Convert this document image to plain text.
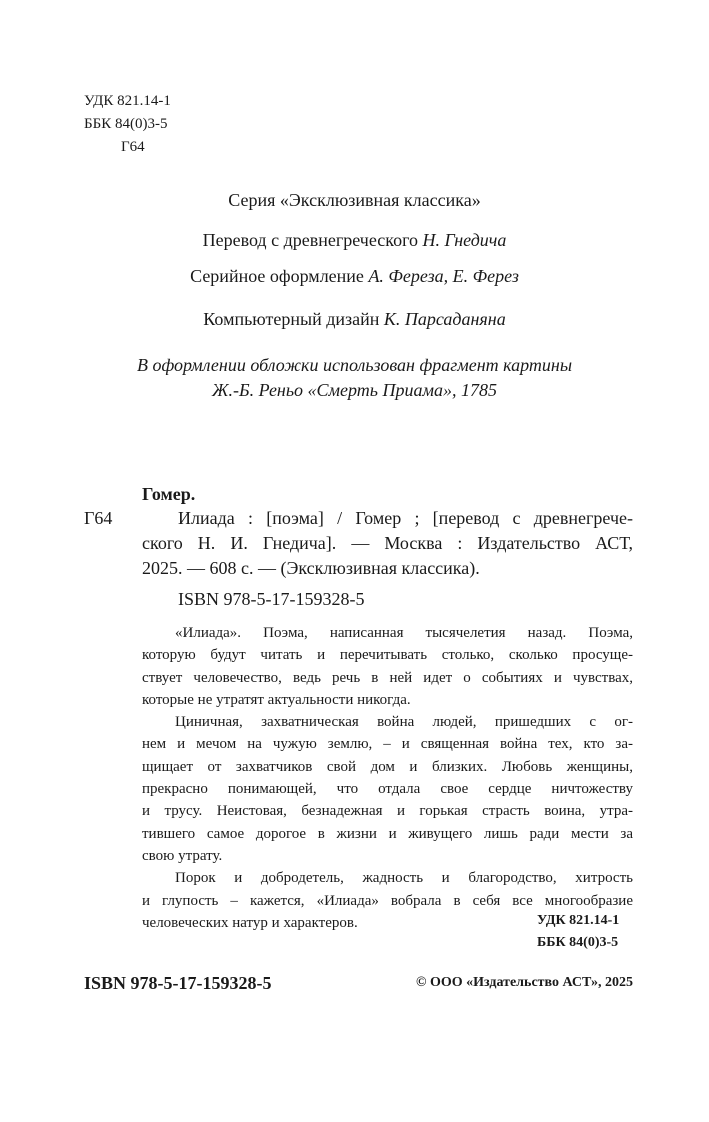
УДК 821.14-1
ББК 84(0)3-5
Г64
Серия «Эксклюзивная классика»
Перевод с древнегреческого Н. Гнедича
Серийное оформление А. Фереза, Е. Ферез
Компьютерный дизайн К. Парсаданяна
В оформлении обложки использован фрагмент картины
Ж.-Б. Реньо «Смерть Приама», 1785
Гомер.
Г64	Илиада : [поэма] / Гомер ; [перевод с древнегрече-
ского Н. И. Гнедича]. — Москва : Издательство АСТ,
2025. — 608 с. — (Эксклюзивная классика).
ISBN 978-5-17-159328-5

«Илиада». Поэма, написанная тысячелетия назад. Поэма,

которую будут читать и перечитывать столько, сколько просуще-
ствует человечество, ведь речь в ней идет о событиях и чувствах,
которые не утратят актуальности никогда.

Циничная, захватническая война людей, пришедших с ог-

нем и мечом на чужую землю, – и священная война тех, кто за-
щищает от захватчиков свой дом и близких. Любовь женщины,
прекрасно понимающей, что отдала свое сердце ничтожеству
и трусу. Неистовая, безнадежная и горькая страсть воина, утра-
тившего самое дорогое в жизни и живущего лишь ради мести за
свою утрату.

Порок и добродетель, жадность и благородство, хитрость

и глупость – кажется, «Илиада» вобрала в себя все многообразие
человеческих натур и характеров.	УДК 821.14-1
ББК 84(0)3-5
ISBN 978-5-17-159328-5	© ООО «Издательство АСТ», 2025
